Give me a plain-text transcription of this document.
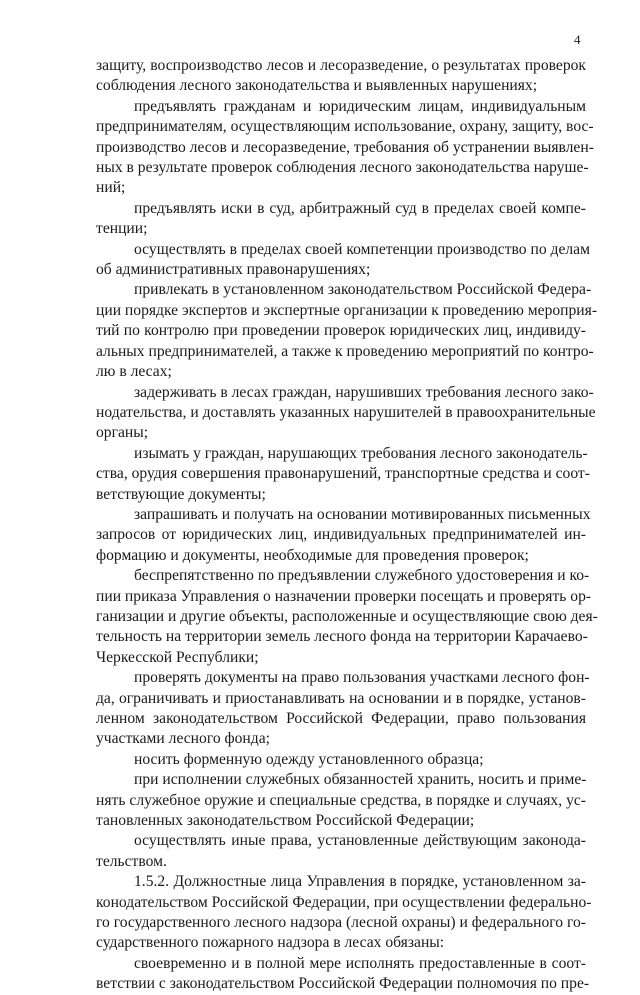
4
защиту, воспроизводство лесов и лесоразведение, о результатах проверок
соблюдения лесного законодательства и выявленных нарушениях;
предъявлять гражданам и юридическим лицам, индивидуальным
предпринимателям, осуществляющим использование, охрану, защиту, вос-
производство лесов и лесоразведение, требования об устранении выявлен-
ных в результате проверок соблюдения лесного законодательства наруше-
ний;
предъявлять иски в суд, арбитражный суд в пределах своей компе-
тенции;
осуществлять в пределах своей компетенции производство по делам
об административных правонарушениях;
привлекать в установленном законодательством Российской Федера-
ции порядке экспертов и экспертные организации к проведению мероприя-
тий по контролю при проведении проверок юридических лиц, индивиду-
альных предпринимателей, а также к проведению мероприятий по контро-
лю в лесах;
задерживать в лесах граждан, нарушивших требования лесного зако-
нодательства, и доставлять указанных нарушителей в правоохранительные
органы;
изымать у граждан, нарушающих требования лесного законодатель-
ства, орудия совершения правонарушений, транспортные средства и соот-
ветствующие документы;
запрашивать и получать на основании мотивированных письменных
запросов от юридических лиц, индивидуальных предпринимателей ин-
формацию и документы, необходимые для проведения проверок;
беспрепятственно по предъявлении служебного удостоверения и ко-
пии приказа Управления о назначении проверки посещать и проверять ор-
ганизации и другие объекты, расположенные и осуществляющие свою дея-
тельность на территории земель лесного фонда на территории Карачаево-
Черкесской Республики;
проверять документы на право пользования участками лесного фон-
да, ограничивать и приостанавливать на основании и в порядке, установ-
ленном законодательством Российской Федерации, право пользования
участками лесного фонда;
носить форменную одежду установленного образца;
при исполнении служебных обязанностей хранить, носить и приме-
нять служебное оружие и специальные средства, в порядке и случаях, ус-
тановленных законодательством Российской Федерации;
осуществлять иные права, установленные действующим законода-
тельством.
1.5.2. Должностные лица Управления в порядке, установленном за-
конодательством Российской Федерации, при осуществлении федерально-
го государственного лесного надзора (лесной охраны) и федерального го-
сударственного пожарного надзора в лесах обязаны:
своевременно и в полной мере исполнять предоставленные в соот-
ветствии с законодательством Российской Федерации полномочия по пре-
